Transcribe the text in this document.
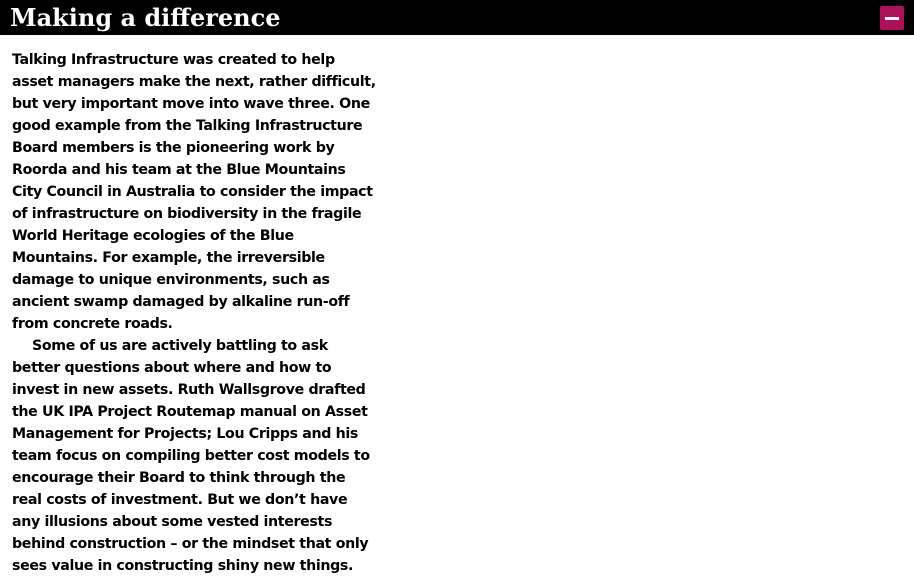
Making a difference

Talking Infrastructure was created to help asset managers make the next, rather difficult, but very important move into wave three. One good example from the Talking Infrastructure Board members is the pioneering work by Roorda and his team at the Blue Mountains City Council in Australia to consider the impact of infrastructure on biodiversity in the fragile World Heritage ecologies of the Blue Mountains. For example, the irreversible damage to unique environments, such as ancient swamp damaged by alkaline run-off from concrete roads.

Some of us are actively battling to ask better questions about where and how to invest in new assets. Ruth Wallsgrove drafted the UK IPA Project Routemap manual on Asset Management for Projects; Lou Cripps and his team focus on compiling better cost models to encourage their Board to think through the real costs of investment. But we don’t have any illusions about some vested interests behind construction – or the mindset that only sees value in constructing shiny new things.
